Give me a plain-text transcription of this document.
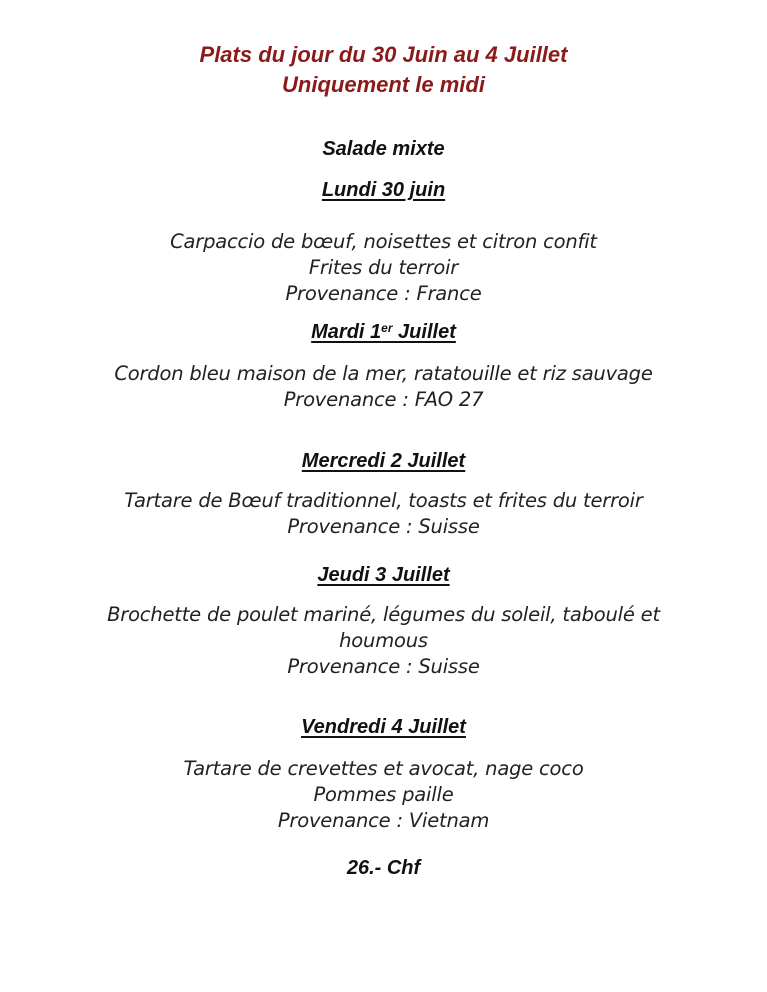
Plats du jour du 30 Juin au 4 Juillet
Uniquement le midi
Salade mixte
Lundi 30 juin
Carpaccio de bœuf, noisettes et citron confit
Frites du terroir
Provenance : France
Mardi 1er Juillet
Cordon bleu maison de la mer, ratatouille et riz sauvage
Provenance : FAO 27
Mercredi 2 Juillet
Tartare de Bœuf traditionnel, toasts et frites du terroir
Provenance : Suisse
Jeudi 3 Juillet
Brochette de poulet mariné, légumes du soleil, taboulé et
houmous
Provenance : Suisse
Vendredi 4 Juillet
Tartare de crevettes et avocat, nage coco
Pommes paille
Provenance : Vietnam
26.- Chf
